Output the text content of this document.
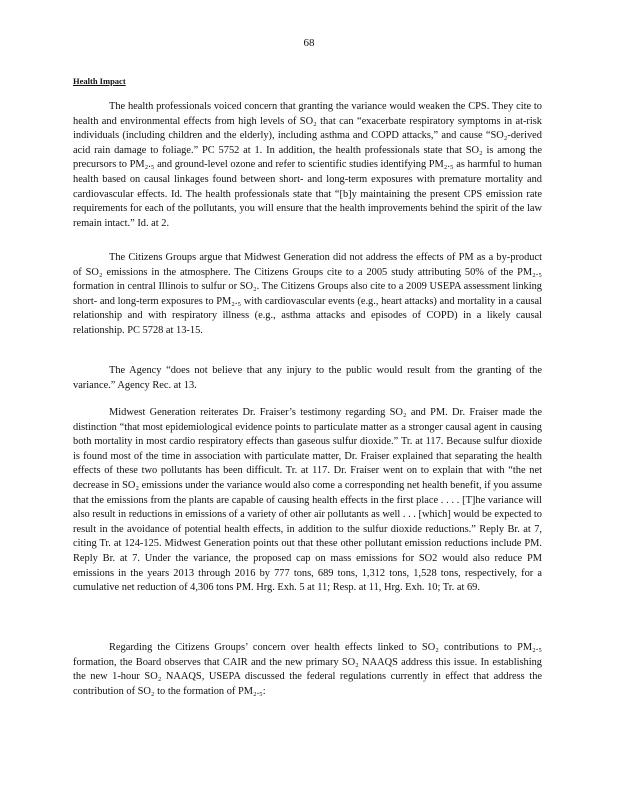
68
Health Impact

The health professionals voiced concern that granting the variance would weaken the CPS. They cite to health and environmental effects from high levels of SO₂ that can “exacerbate respiratory symptoms in at-risk individuals (including children and the elderly), including asthma and COPD attacks,” and cause “SO₂-derived acid rain damage to foliage.” PC 5752 at 1. In addition, the health professionals state that SO₂ is among the precursors to PM₂.₅ and ground-level ozone and refer to scientific studies identifying PM₂.₅ as harmful to human health based on causal linkages found between short- and long-term exposures with premature mortality and cardiovascular effects. Id. The health professionals state that “[b]y maintaining the present CPS emission rate requirements for each of the pollutants, you will ensure that the health improvements behind the spirit of the law remain intact.” Id. at 2.

The Citizens Groups argue that Midwest Generation did not address the effects of PM as a by-product of SO₂ emissions in the atmosphere. The Citizens Groups cite to a 2005 study attributing 50% of the PM₂.₅ formation in central Illinois to sulfur or SO₂. The Citizens Groups also cite to a 2009 USEPA assessment linking short- and long-term exposures to PM₂.₅ with cardiovascular events (e.g., heart attacks) and mortality in a causal relationship and with respiratory illness (e.g., asthma attacks and episodes of COPD) in a likely causal relationship. PC 5728 at 13-15.

The Agency “does not believe that any injury to the public would result from the granting of the variance.” Agency Rec. at 13.

Midwest Generation reiterates Dr. Fraiser’s testimony regarding SO₂ and PM. Dr. Fraiser made the distinction “that most epidemiological evidence points to particulate matter as a stronger causal agent in causing both mortality in most cardio respiratory effects than gaseous sulfur dioxide.” Tr. at 117. Because sulfur dioxide is found most of the time in association with particulate matter, Dr. Fraiser explained that separating the health effects of these two pollutants has been difficult. Tr. at 117. Dr. Fraiser went on to explain that with “the net decrease in SO₂ emissions under the variance would also come a corresponding net health benefit, if you assume that the emissions from the plants are capable of causing health effects in the first place . . . . [T]he variance will also result in reductions in emissions of a variety of other air pollutants as well . . . [which] would be expected to result in the avoidance of potential health effects, in addition to the sulfur dioxide reductions.” Reply Br. at 7, citing Tr. at 124-125. Midwest Generation points out that these other pollutant emission reductions include PM. Reply Br. at 7. Under the variance, the proposed cap on mass emissions for SO2 would also reduce PM emissions in the years 2013 through 2016 by 777 tons, 689 tons, 1,312 tons, 1,528 tons, respectively, for a cumulative net reduction of 4,306 tons PM. Hrg. Exh. 5 at 11; Resp. at 11, Hrg. Exh. 10; Tr. at 69.

Regarding the Citizens Groups’ concern over health effects linked to SO₂ contributions to PM₂.₅ formation, the Board observes that CAIR and the new primary SO₂ NAAQS address this issue. In establishing the new 1-hour SO₂ NAAQS, USEPA discussed the federal regulations currently in effect that address the contribution of SO₂ to the formation of PM₂.₅:
